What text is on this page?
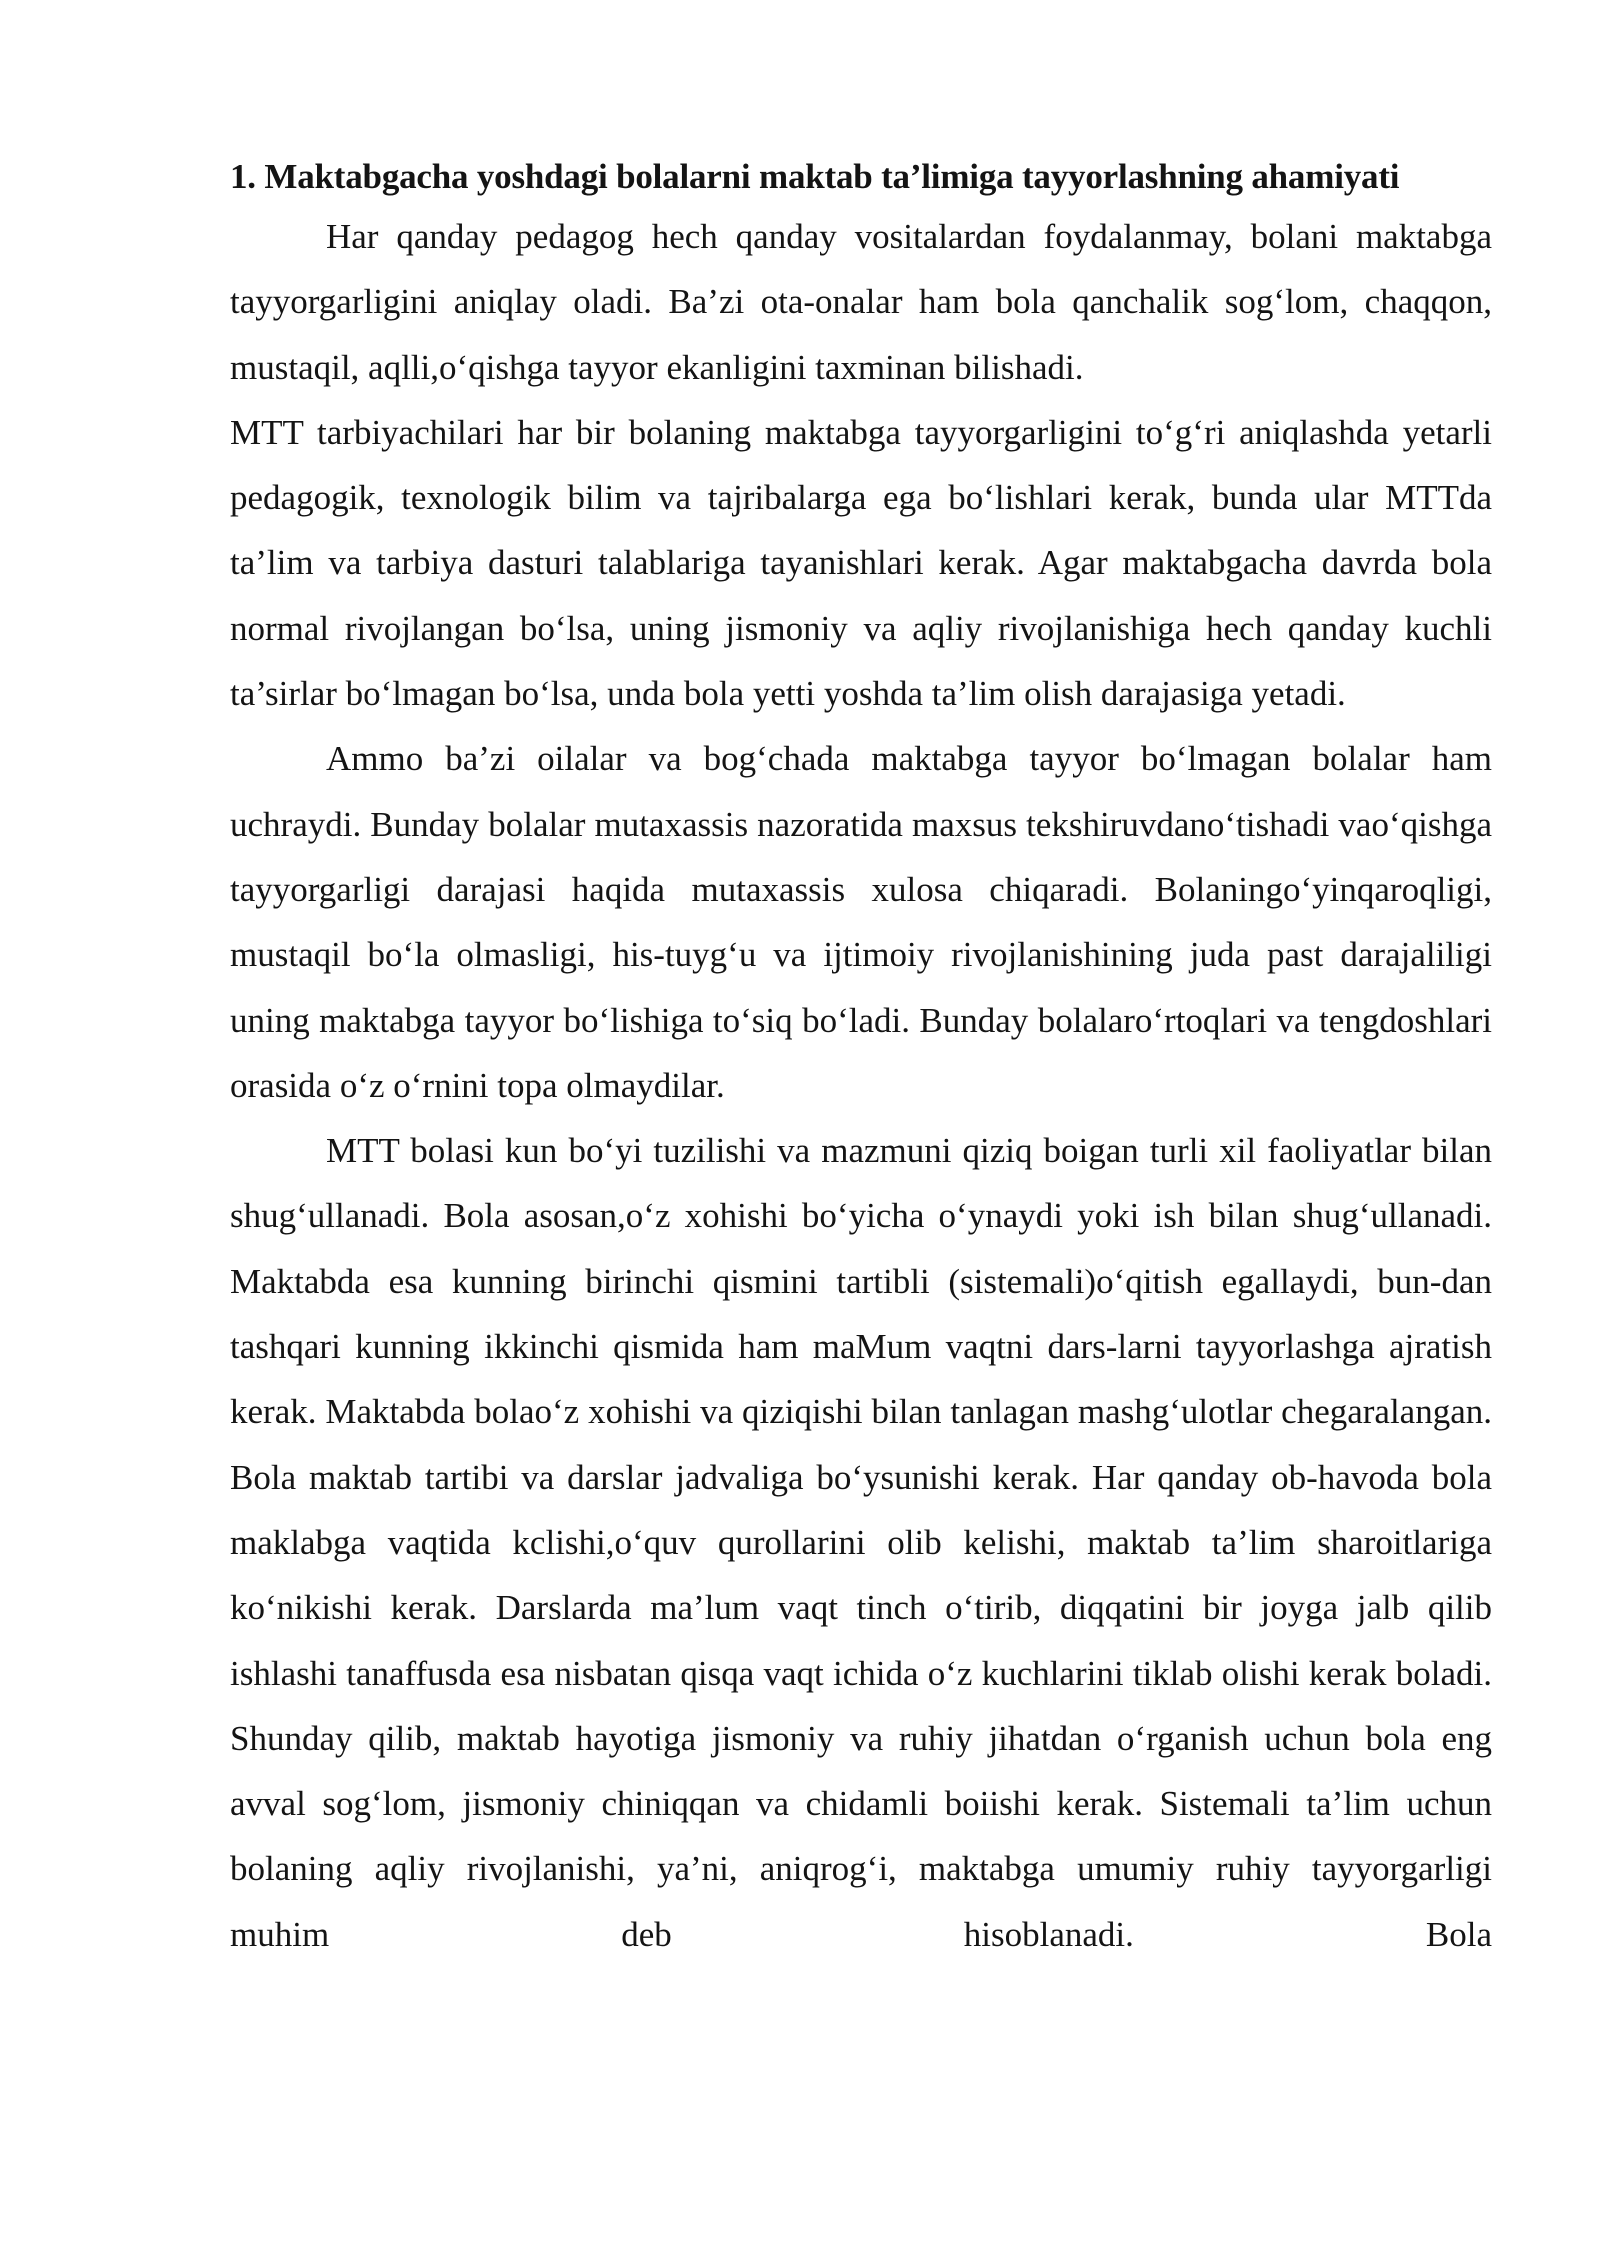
1. Maktabgacha yoshdagi bolalarni maktab ta’limiga tayyorlashning ahamiyati

Har qanday pedagog hech qanday vositalardan foydalanmay, bolani maktabga tayyorgarligini aniqlay oladi. Ba’zi ota-onalar ham bola qanchalik sog‘lom, chaqqon, mustaqil, aqlli,o‘qishga tayyor ekanligini taxminan bilishadi.

MTT tarbiyachilari har bir bolaning maktabga tayyorgarligini to‘g‘ri aniqlashda yetarli pedagogik, texnologik bilim va tajribalarga ega bo‘lishlari kerak, bunda ular MTTda ta’lim va tarbiya dasturi talablariga tayanishlari kerak. Agar maktabgacha davrda bola normal rivojlangan bo‘lsa, uning jismoniy va aqliy rivojlanishiga hech qanday kuchli ta’sirlar bo‘lmagan bo‘lsa, unda bola yetti yoshda ta’lim olish darajasiga yetadi.

Ammo ba’zi oilalar va bog‘chada maktabga tayyor bo‘lmagan bolalar ham uchraydi. Bunday bolalar mutaxassis nazoratida maxsus tekshiruvdano‘tishadi vao‘qishga tayyorgarligi darajasi haqida mutaxassis xulosa chiqaradi. Bolaningo‘yinqaroqligi, mustaqil bo‘la olmasligi, his-tuyg‘u va ijtimoiy rivojlanishining juda past darajaliligi uning maktabga tayyor bo‘lishiga to‘siq bo‘ladi. Bunday bolalaro‘rtoqlari va tengdoshlari orasida o‘z o‘rnini topa olmaydilar.

MTT bolasi kun bo‘yi tuzilishi va mazmuni qiziq boigan turli xil faoliyatlar bilan shug‘ullanadi. Bola asosan,o‘z xohishi bo‘yicha o‘ynaydi yoki ish bilan shug‘ullanadi. Maktabda esa kunning birinchi qismini tartibli (sistemali)o‘qitish egallaydi, bun-dan tashqari kunning ikkinchi qismida ham maMum vaqtni dars-larni tayyorlashga ajratish kerak. Maktabda bolao‘z xohishi va qiziqishi bilan tanlagan mashg‘ulotlar chegaralangan. Bola maktab tartibi va darslar jadvaliga bo‘ysunishi kerak. Har qanday ob-havoda bola maklabga vaqtida kclishi,o‘quv qurollarini olib kelishi, maktab ta’lim sharoitlariga ko‘nikishi kerak. Darslarda ma’lum vaqt tinch o‘tirib, diqqatini bir joyga jalb qilib ishlashi tanaffusda esa nisbatan qisqa vaqt ichida o‘z kuchlarini tiklab olishi kerak boladi. Shunday qilib, maktab hayotiga jismoniy va ruhiy jihatdan o‘rganish uchun bola eng avval sog‘lom, jismoniy chiniqqan va chidamli boiishi kerak. Sistemali ta’lim uchun bolaning aqliy rivojlanishi, ya’ni, aniqrog‘i, maktabga umumiy ruhiy tayyorgarligi muhim deb hisoblanadi. Bola
